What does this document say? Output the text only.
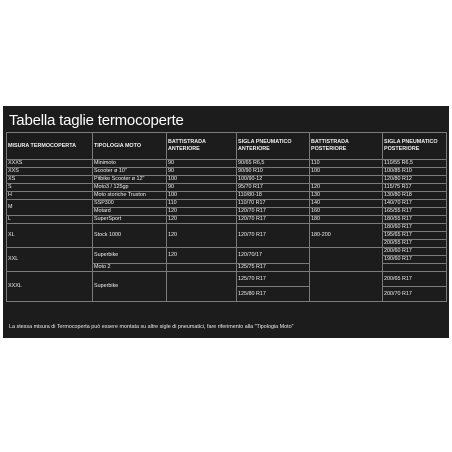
Tabella taglie termocoperte
MISURA TERMOCOPERTA	TIPOLOGIA MOTO	BATTISTRADA ANTERIORE	SIGLA PNEUMATICO ANTERIORE	BATTISTRADA POSTERIORE	SIGLA PNEUMATICO POSTERIORE
XXXS	Minimoto	90	90/65 R6,5	110	110/55 R6,5
XXS	Scooter ø 10"	90	90/90 R10	100	100/85 R10
XS	Pitbike Scooter ø 12"	100	100/90-12		120/80 R12
S	Moto3 / 125gp	90	95/70 R17	120	115/75 R17
H	Moto storiche Truxton	100	110/80-18	130	130/80 R18
M	SSP300	110	110/70 R17	140	140/70 R17
	Motard	120	120/70 R17	160	165/55 R17
L	SuperSport	120	120/70 R17	180	180/55 R17
XL	Stock 1000	120	120/70 R17	180-200	180/60 R17
					195/65 R17
					200/55 R17
XXL	Superbike	120	120/70/17		200/60 R17
					190/60 R17
	Moto 2		125/75 R17		
XXXL	Superbike		125/70 R17		200/65 R17
			125/80 R17		200/70 R17
La stessa misura di Termocoperta può essere montata su altre sigle di pneumatici, fare riferimento alla "Tipologia Moto"
